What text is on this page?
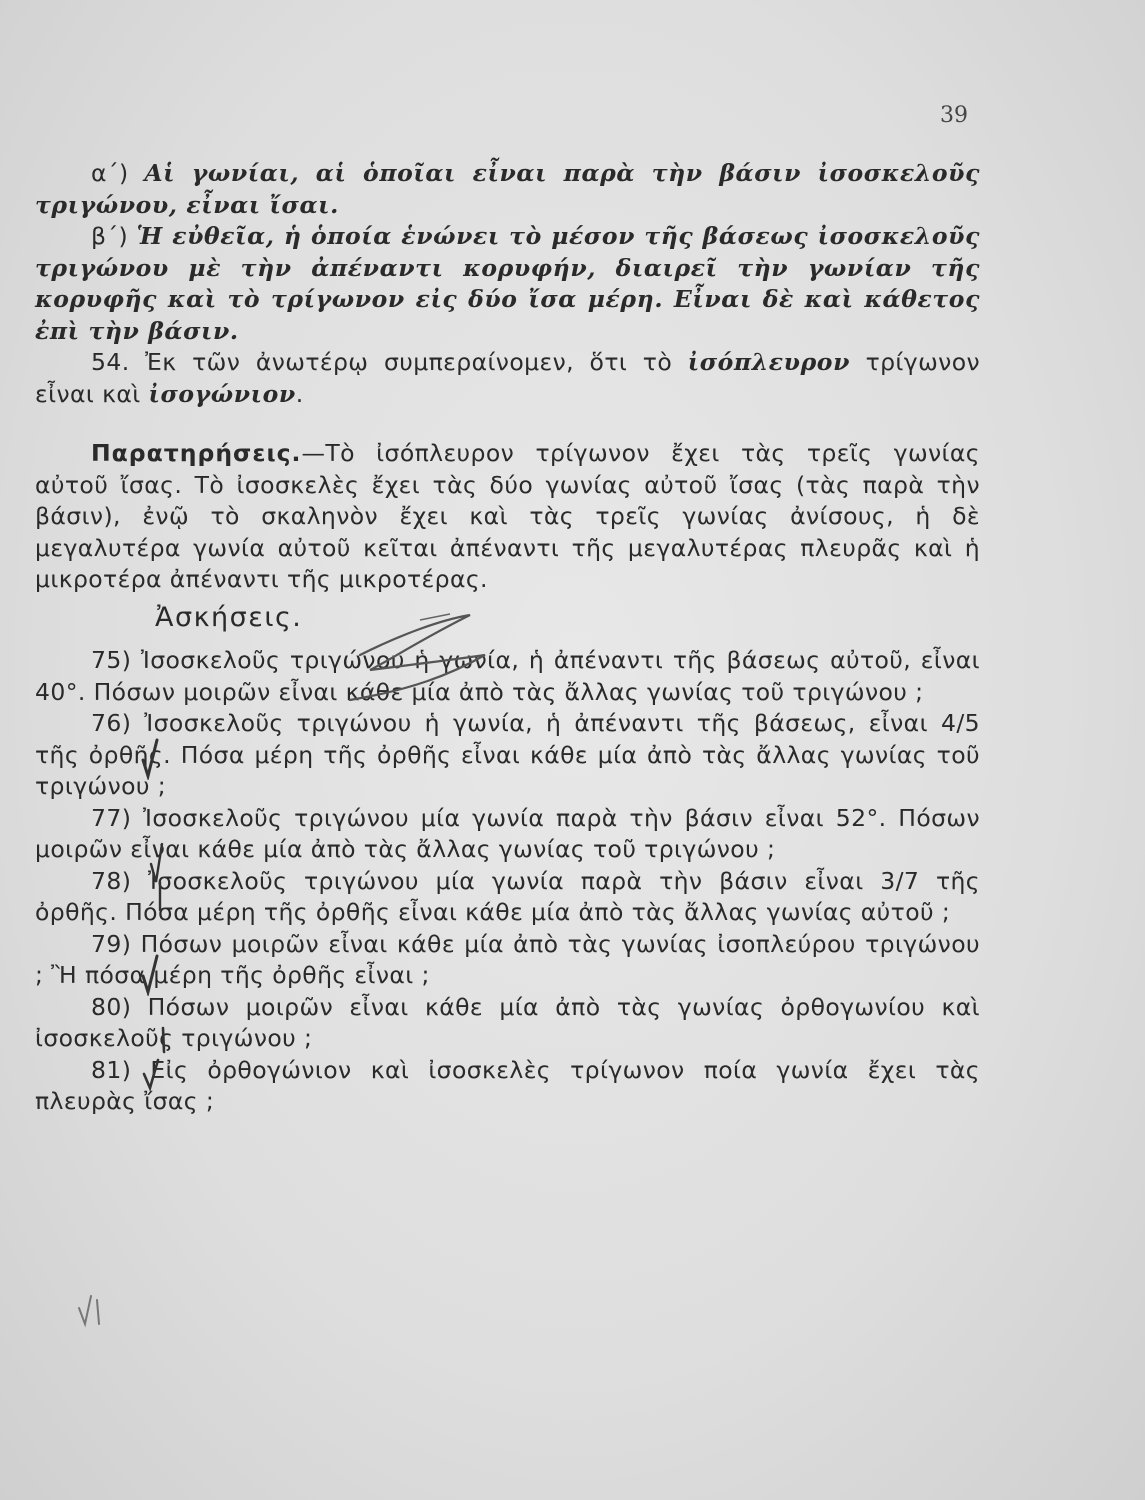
39

α΄) Αἱ γωνίαι, αἱ ὁποῖαι εἶναι παρὰ τὴν βάσιν ἰσοσκελοῦς τριγώνου, εἶναι ἴσαι.

β΄) Ἡ εὐθεῖα, ἡ ὁποία ἑνώνει τὸ μέσον τῆς βάσεως ἰσοσκελοῦς τριγώνου μὲ τὴν ἀπέναντι κορυφήν, διαιρεῖ τὴν γωνίαν τῆς κορυφῆς καὶ τὸ τρίγωνον εἰς δύο ἴσα μέρη. Εἶναι δὲ καὶ κάθετος ἐπὶ τὴν βάσιν.

54. Ἐκ τῶν ἀνωτέρῳ συμπεραίνομεν, ὅτι τὸ ἰσόπλευρον τρίγωνον εἶναι καὶ ἰσογώνιον.

Παρατηρήσεις.—Τὸ ἰσόπλευρον τρίγωνον ἔχει τὰς τρεῖς γωνίας αὐτοῦ ἴσας. Τὸ ἰσοσκελὲς ἔχει τὰς δύο γωνίας αὐτοῦ ἴσας (τὰς παρὰ τὴν βάσιν), ἐνῷ τὸ σκαληνὸν ἔχει καὶ τὰς τρεῖς γωνίας ἀνίσους, ἡ δὲ μεγαλυτέρα γωνία αὐτοῦ κεῖται ἀπέναντι τῆς μεγαλυτέρας πλευρᾶς καὶ ἡ μικροτέρα ἀπέναντι τῆς μικροτέρας.

Ἀσκήσεις.

75) Ἰσοσκελοῦς τριγώνου ἡ γωνία, ἡ ἀπέναντι τῆς βάσεως αὐτοῦ, εἶναι 40°. Πόσων μοιρῶν εἶναι κάθε μία ἀπὸ τὰς ἄλλας γωνίας τοῦ τριγώνου ;

76) Ἰσοσκελοῦς τριγώνου ἡ γωνία, ἡ ἀπέναντι τῆς βάσεως, εἶναι 4/5 τῆς ὀρθῆς. Πόσα μέρη τῆς ὀρθῆς εἶναι κάθε μία ἀπὸ τὰς ἄλλας γωνίας τοῦ τριγώνου ;

77) Ἰσοσκελοῦς τριγώνου μία γωνία παρὰ τὴν βάσιν εἶναι 52°. Πόσων μοιρῶν εἶναι κάθε μία ἀπὸ τὰς ἄλλας γωνίας τοῦ τριγώνου ;

78) Ἰσοσκελοῦς τριγώνου μία γωνία παρὰ τὴν βάσιν εἶναι 3/7 τῆς ὀρθῆς. Πόσα μέρη τῆς ὀρθῆς εἶναι κάθε μία ἀπὸ τὰς ἄλλας γωνίας αὐτοῦ ;

79) Πόσων μοιρῶν εἶναι κάθε μία ἀπὸ τὰς γωνίας ἰσοπλεύρου τριγώνου ; Ἢ πόσα μέρη τῆς ὀρθῆς εἶναι ;

80) Πόσων μοιρῶν εἶναι κάθε μία ἀπὸ τὰς γωνίας ὀρθογωνίου καὶ ἰσοσκελοῦς τριγώνου ;

81) Εἰς ὀρθογώνιον καὶ ἰσοσκελὲς τρίγωνον ποία γωνία ἔχει τὰς πλευρὰς ἴσας ;
